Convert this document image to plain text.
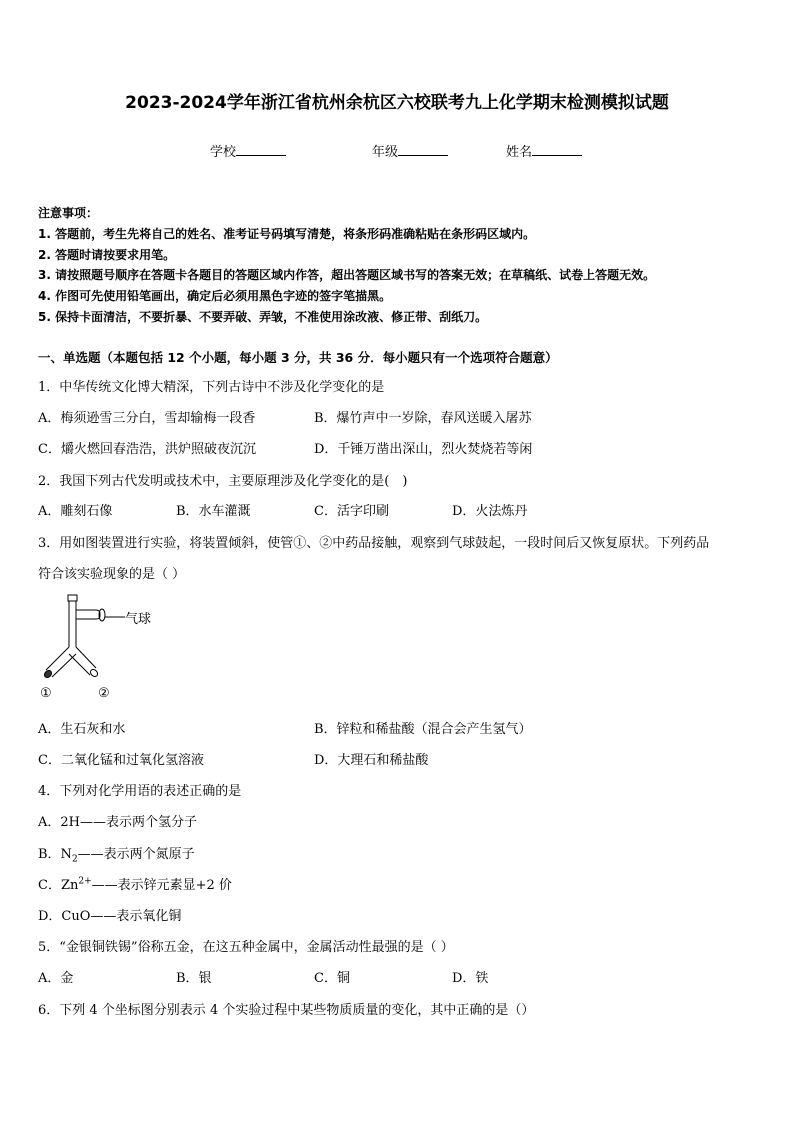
2023-2024学年浙江省杭州余杭区六校联考九上化学期末检测模拟试题
学校	年级	姓名
注意事项：
1. 答题前，考生先将自己的姓名、准考证号码填写清楚，将条形码准确粘贴在条形码区域内。
2. 答题时请按要求用笔。
3. 请按照题号顺序在答题卡各题目的答题区域内作答，超出答题区域书写的答案无效；在草稿纸、试卷上答题无效。
4. 作图可先使用铅笔画出，确定后必须用黑色字迹的签字笔描黑。
5. 保持卡面清洁，不要折暴、不要弄破、弄皱，不准使用涂改液、修正带、刮纸刀。
一、单选题（本题包括 12 个小题，每小题 3 分，共 36 分．每小题只有一个选项符合题意）
1．中华传统文化博大精深，下列古诗中不涉及化学变化的是
A．梅须逊雪三分白，雪却输梅一段香	B．爆竹声中一岁除，春风送暖入屠苏
C．爝火燃回春浩浩，洪炉照破夜沉沉	D．千锤万凿出深山，烈火焚烧若等闲
2．我国下列古代发明或技术中，主要原理涉及化学变化的是(　)
A．雕刻石像	B．水车灌溉	C．活字印刷	D．火法炼丹
3．用如图装置进行实验，将装置倾斜，使管①、②中药品接触，观察到气球鼓起，一段时间后又恢复原状。下列药品
符合该实验现象的是（ ）
气球
①	②
A．生石灰和水	B．锌粒和稀盐酸（混合会产生氢气）
C．二氧化锰和过氧化氢溶液	D．大理石和稀盐酸
4．下列对化学用语的表述正确的是
A．2H——表示两个氢分子
B．$N_2——$表示两个氮原子
C．$Zn^{2+}——$表示锌元素显+2 价
D．CuO——表示氧化铜
5．“金银铜铁锡”俗称五金，在这五种金属中，金属活动性最强的是（ ）
A．金	B．银	C．铜	D．铁
6．下列 4 个坐标图分别表示 4 个实验过程中某些物质质量的变化，其中正确的是（）
